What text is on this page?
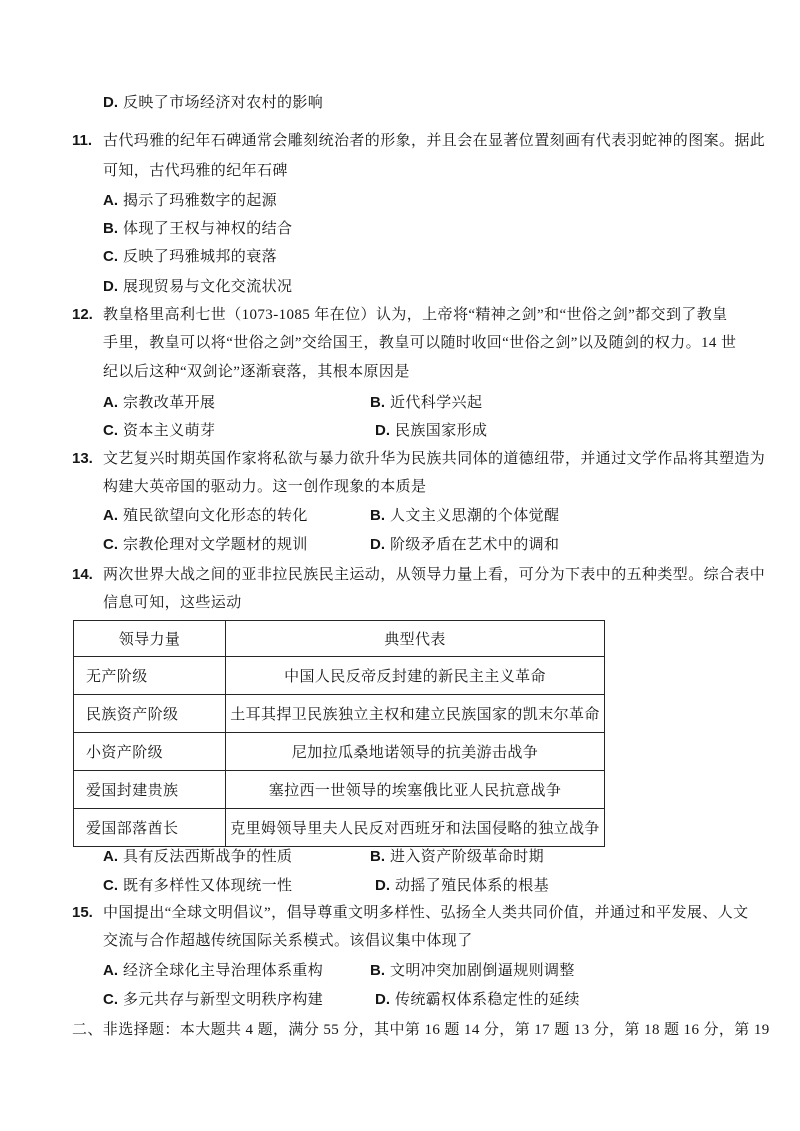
D. 反映了市场经济对农村的影响
11. 古代玛雅的纪年石碑通常会雕刻统治者的形象，并且会在显著位置刻画有代表羽蛇神的图案。据此
可知，古代玛雅的纪年石碑
A. 揭示了玛雅数字的起源
B. 体现了王权与神权的结合
C. 反映了玛雅城邦的衰落
D. 展现贸易与文化交流状况
12. 教皇格里高利七世（1073-1085 年在位）认为，上帝将“精神之剑”和“世俗之剑”都交到了教皇
手里，教皇可以将“世俗之剑”交给国王，教皇可以随时收回“世俗之剑”以及随剑的权力。14 世
纪以后这种“双剑论”逐渐衰落，其根本原因是
A. 宗教改革开展	B. 近代科学兴起
C. 资本主义萌芽	D. 民族国家形成
13. 文艺复兴时期英国作家将私欲与暴力欲升华为民族共同体的道德纽带，并通过文学作品将其塑造为
构建大英帝国的驱动力。这一创作现象的本质是
A. 殖民欲望向文化形态的转化	B. 人文主义思潮的个体觉醒
C. 宗教伦理对文学题材的规训	D. 阶级矛盾在艺术中的调和
14. 两次世界大战之间的亚非拉民族民主运动，从领导力量上看，可分为下表中的五种类型。综合表中
信息可知，这些运动
领导力量	典型代表
无产阶级	中国人民反帝反封建的新民主主义革命
民族资产阶级	土耳其捍卫民族独立主权和建立民族国家的凯末尔革命
小资产阶级	尼加拉瓜桑地诺领导的抗美游击战争
爱国封建贵族	塞拉西一世领导的埃塞俄比亚人民抗意战争
爱国部落酋长	克里姆领导里夫人民反对西班牙和法国侵略的独立战争
A. 具有反法西斯战争的性质	B. 进入资产阶级革命时期
C. 既有多样性又体现统一性	D. 动摇了殖民体系的根基
15. 中国提出“全球文明倡议”，倡导尊重文明多样性、弘扬全人类共同价值，并通过和平发展、人文
交流与合作超越传统国际关系模式。该倡议集中体现了
A. 经济全球化主导治理体系重构	B. 文明冲突加剧倒逼规则调整
C. 多元共存与新型文明秩序构建	D. 传统霸权体系稳定性的延续
二、非选择题：本大题共 4 题，满分 55 分，其中第 16 题 14 分，第 17 题 13 分，第 18 题 16 分，第 19
